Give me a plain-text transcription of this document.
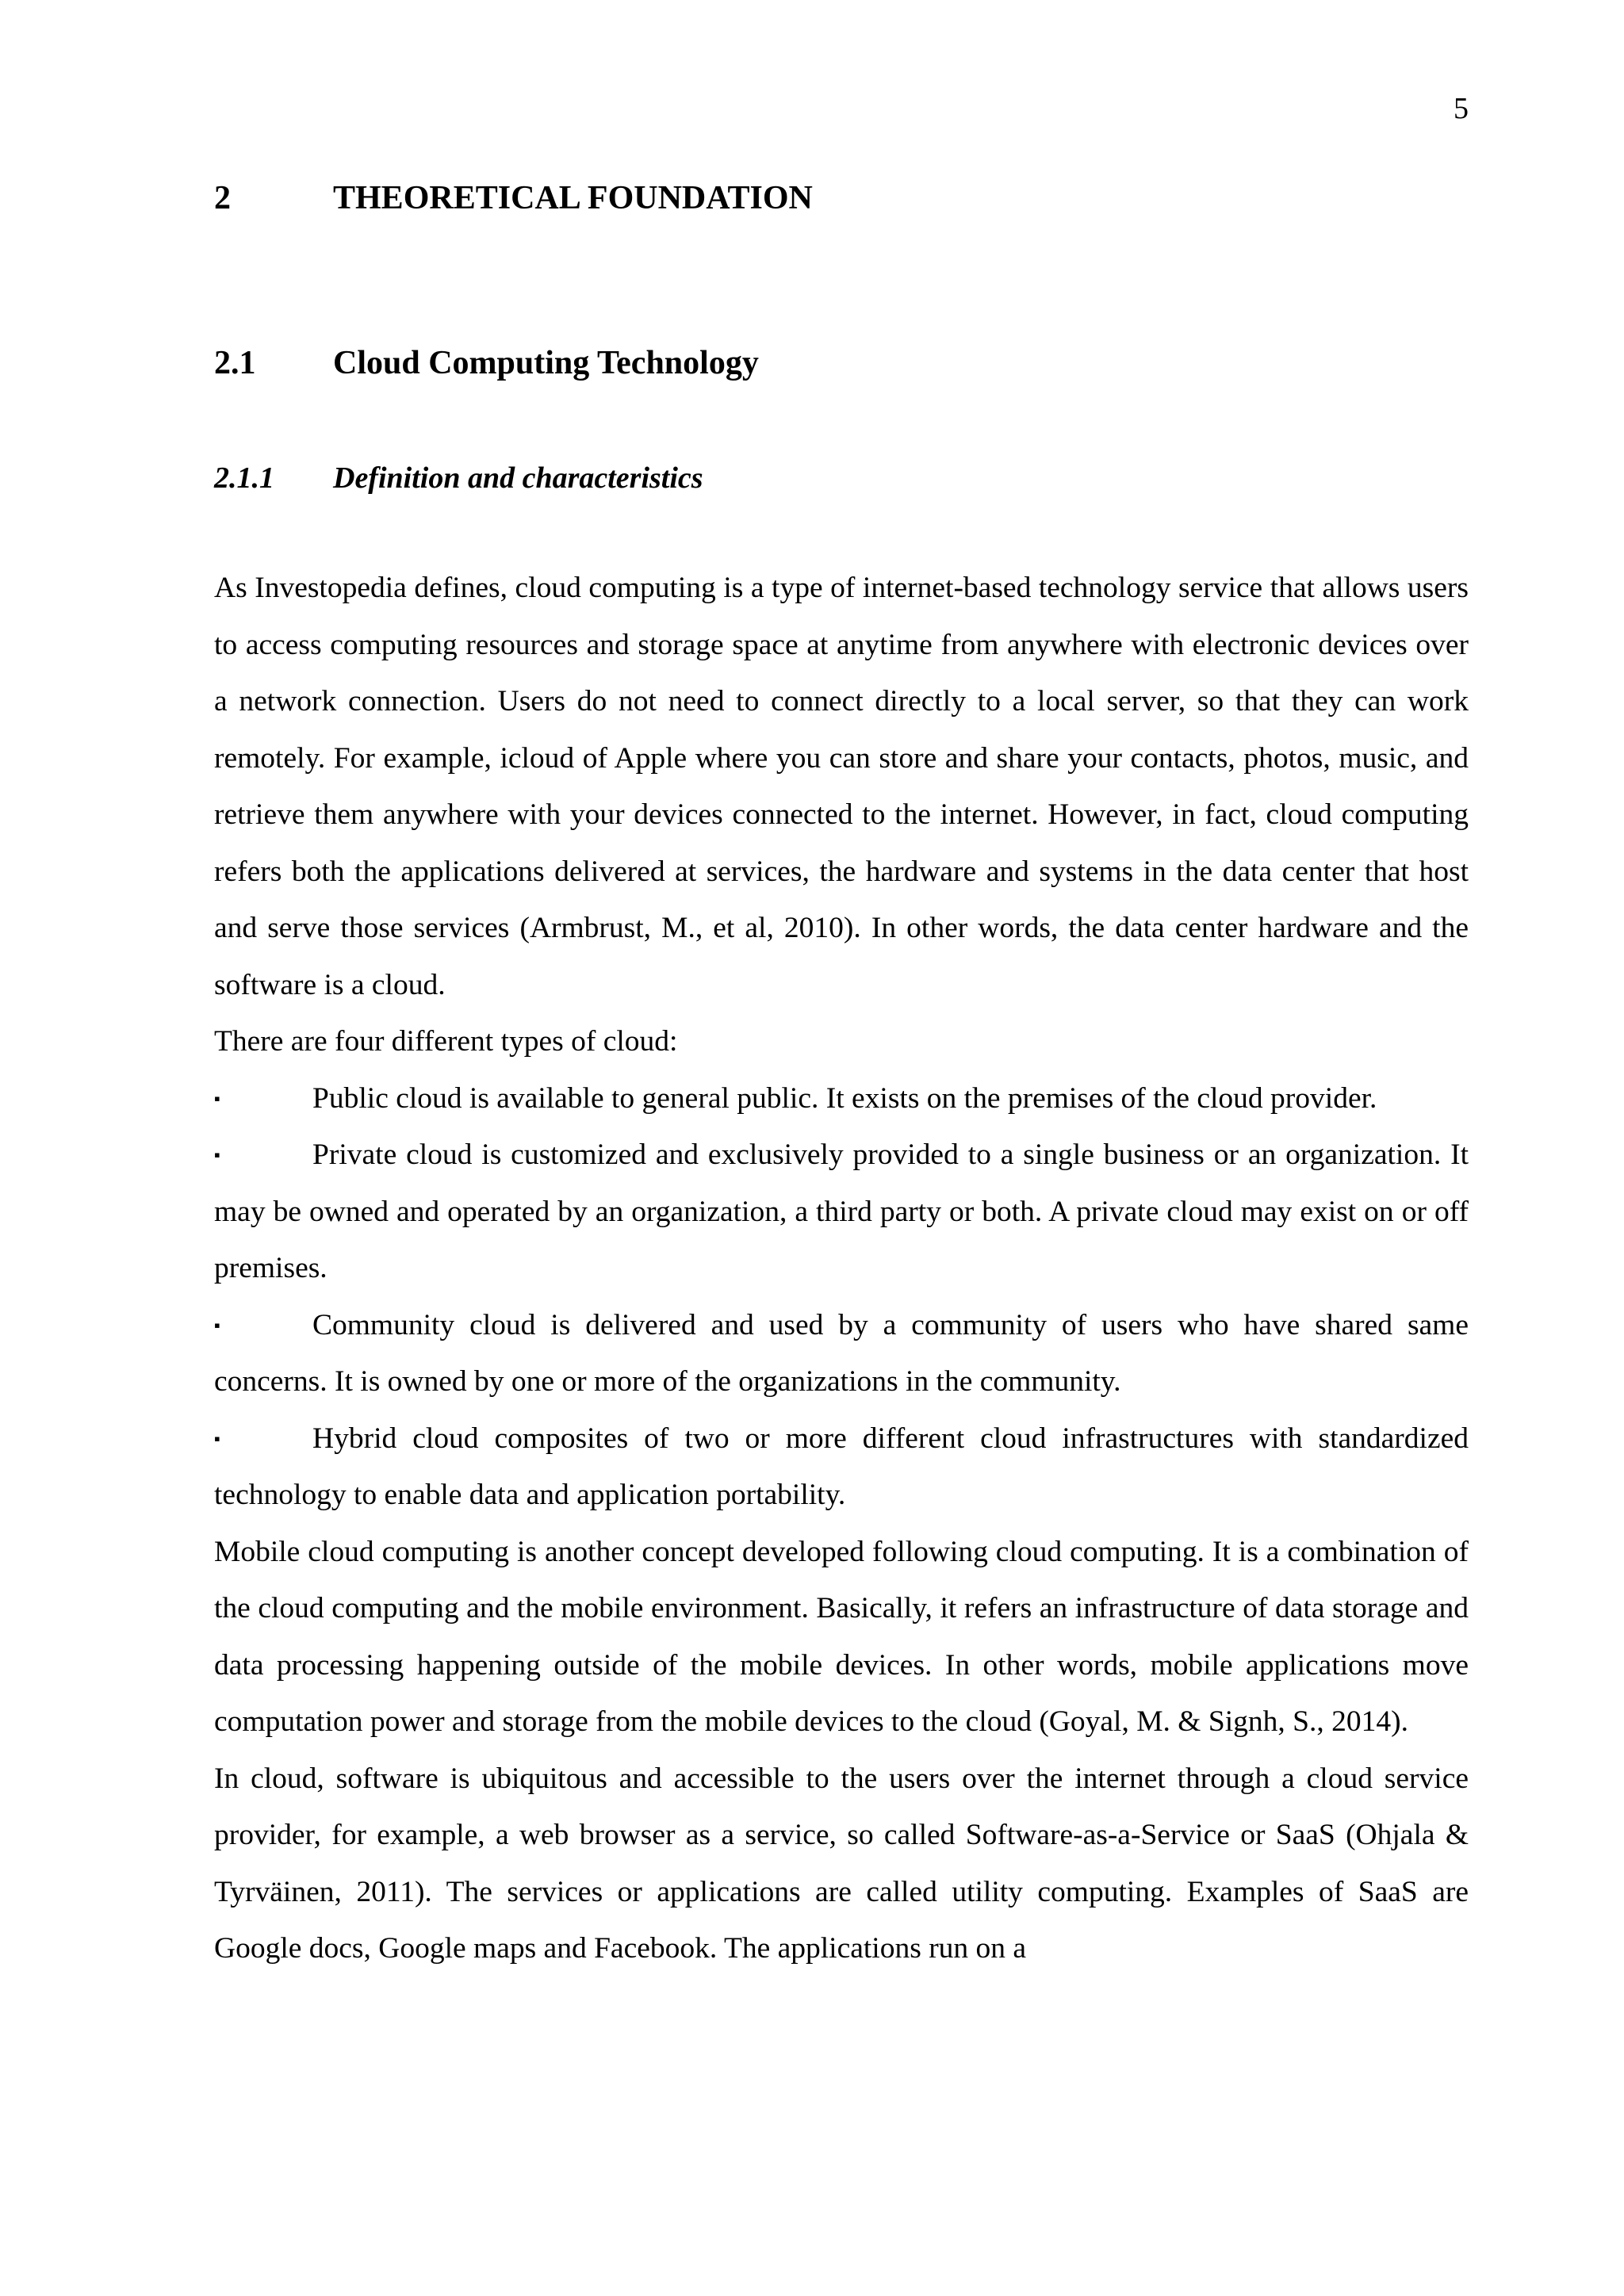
5
2	THEORETICAL FOUNDATION
2.1	Cloud Computing Technology
2.1.1	Definition and characteristics

As Investopedia defines, cloud computing is a type of internet-based technology service that allows users to access computing resources and storage space at anytime from anywhere with electronic devices over a network connection. Users do not need to connect directly to a local server, so that they can work remotely. For example, icloud of Apple where you can store and share your contacts, photos, music, and retrieve them anywhere with your devices connected to the internet. However, in fact, cloud computing refers both the applications delivered at services, the hardware and systems in the data center that host and serve those services (Armbrust, M., et al, 2010). In other words, the data center hardware and the software is a cloud.

There are four different types of cloud:

▪	Public cloud is available to general public. It exists on the premises of the cloud provider.

▪	Private cloud is customized and exclusively provided to a single business or an organization. It may be owned and operated by an organization, a third party or both. A private cloud may exist on or off premises.

▪	Community cloud is delivered and used by a community of users who have shared same concerns. It is owned by one or more of the organizations in the community.

▪	Hybrid cloud composites of two or more different cloud infrastructures with standardized technology to enable data and application portability.

Mobile cloud computing is another concept developed following cloud computing. It is a combination of the cloud computing and the mobile environment. Basically, it refers an infrastructure of data storage and data processing happening outside of the mobile devices. In other words, mobile applications move computation power and storage from the mobile devices to the cloud (Goyal, M. & Signh, S., 2014).

In cloud, software is ubiquitous and accessible to the users over the internet through a cloud service provider, for example, a web browser as a service, so called Software-as-a-Service or SaaS (Ohjala & Tyrväinen, 2011). The services or applications are called utility computing. Examples of SaaS are Google docs, Google maps and Facebook. The applications run on a
